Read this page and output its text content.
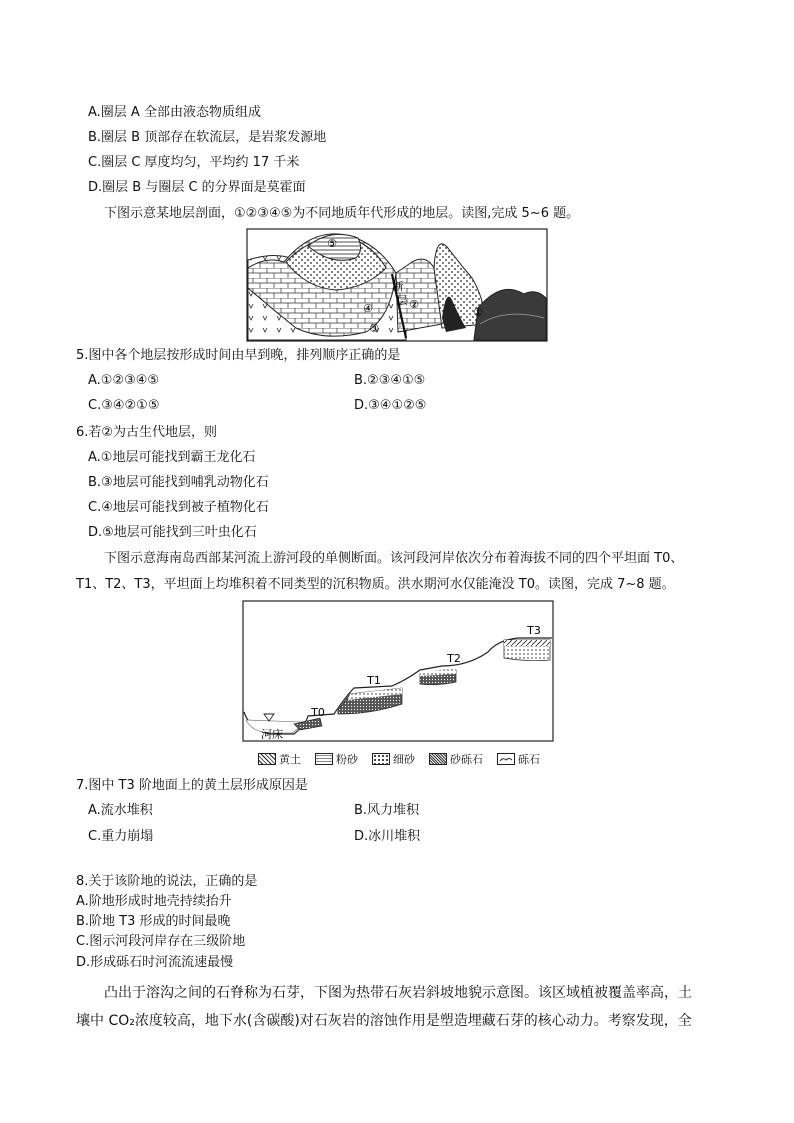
A.圈层 A 全部由液态物质组成
B.圈层 B 顶部存在软流层，是岩浆发源地
C.圈层 C 厚度均匀，平均约 17 千米
D.圈层 B 与圈层 C 的分界面是莫霍面
下图示意某地层剖面，①②③④⑤为不同地质年代形成的地层。读图,完成 5~6 题。
⑤
④
③
②
①
断
层
5.图中各个地层按形成时间由早到晚，排列顺序正确的是
A.①②③④⑤	B.②③④①⑤
C.③④②①⑤	D.③④①②⑤
6.若②为古生代地层，则
A.①地层可能找到霸王龙化石
B.③地层可能找到哺乳动物化石
C.④地层可能找到被子植物化石
D.⑤地层可能找到三叶虫化石
下图示意海南岛西部某河流上游河段的单侧断面。该河段河岸依次分布着海拔不同的四个平坦面 T0、
T1、T2、T3，平坦面上均堆积着不同类型的沉积物质。洪水期河水仅能淹没 T0。读图，完成 7~8 题。
T0
T1
T2
T3
河床
黄土	粉砂	细砂	砂砾石	砾石
7.图中 T3 阶地面上的黄土层形成原因是
A.流水堆积	B.风力堆积
C.重力崩塌	D.冰川堆积
8.关于该阶地的说法，正确的是
A.阶地形成时地壳持续抬升
B.阶地 T3 形成的时间最晚
C.图示河段河岸存在三级阶地
D.形成砾石时河流流速最慢
凸出于溶沟之间的石脊称为石芽，下图为热带石灰岩斜坡地貌示意图。该区域植被覆盖率高，土
壤中 CO₂浓度较高，地下水(含碳酸)对石灰岩的溶蚀作用是塑造埋藏石芽的核心动力。考察发现，全
